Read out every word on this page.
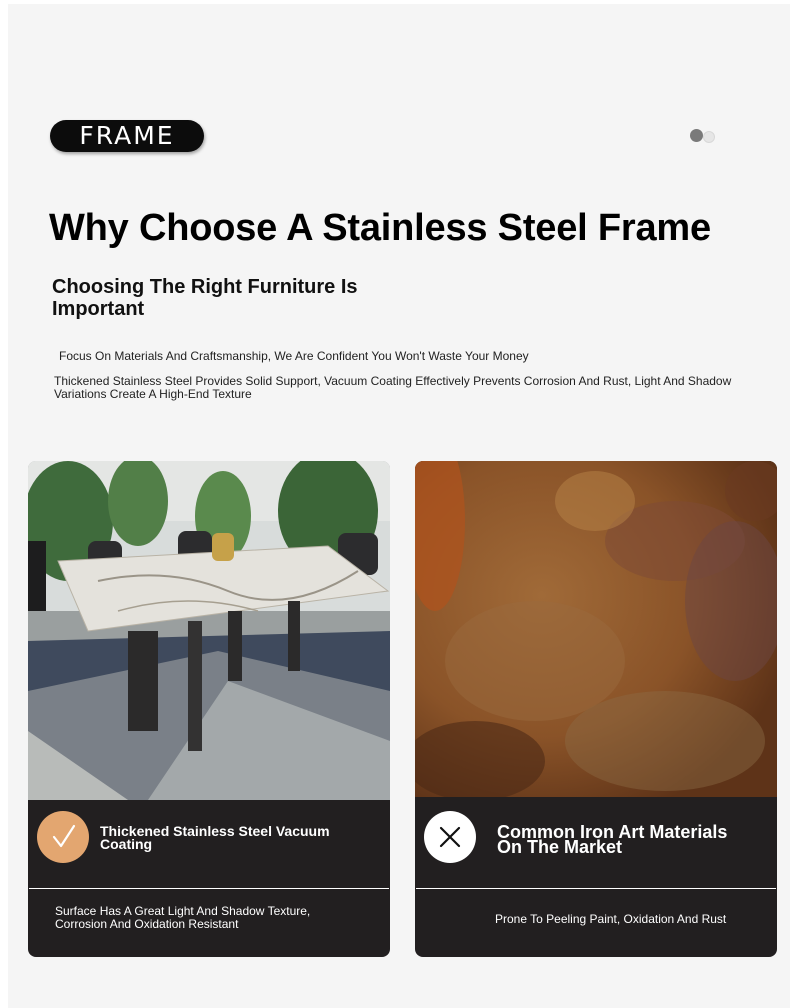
FRAME
Why Choose A Stainless Steel Frame
Choosing The Right Furniture Is Important
Focus On Materials And Craftsmanship, We Are Confident You Won't Waste Your Money
Thickened Stainless Steel Provides Solid Support, Vacuum Coating Effectively Prevents Corrosion And Rust, Light And Shadow Variations Create A High-End Texture
Thickened Stainless Steel Vacuum Coating
Surface Has A Great Light And Shadow Texture, Corrosion And Oxidation Resistant
Common Iron Art Materials On The Market
Prone To Peeling Paint, Oxidation And Rust
